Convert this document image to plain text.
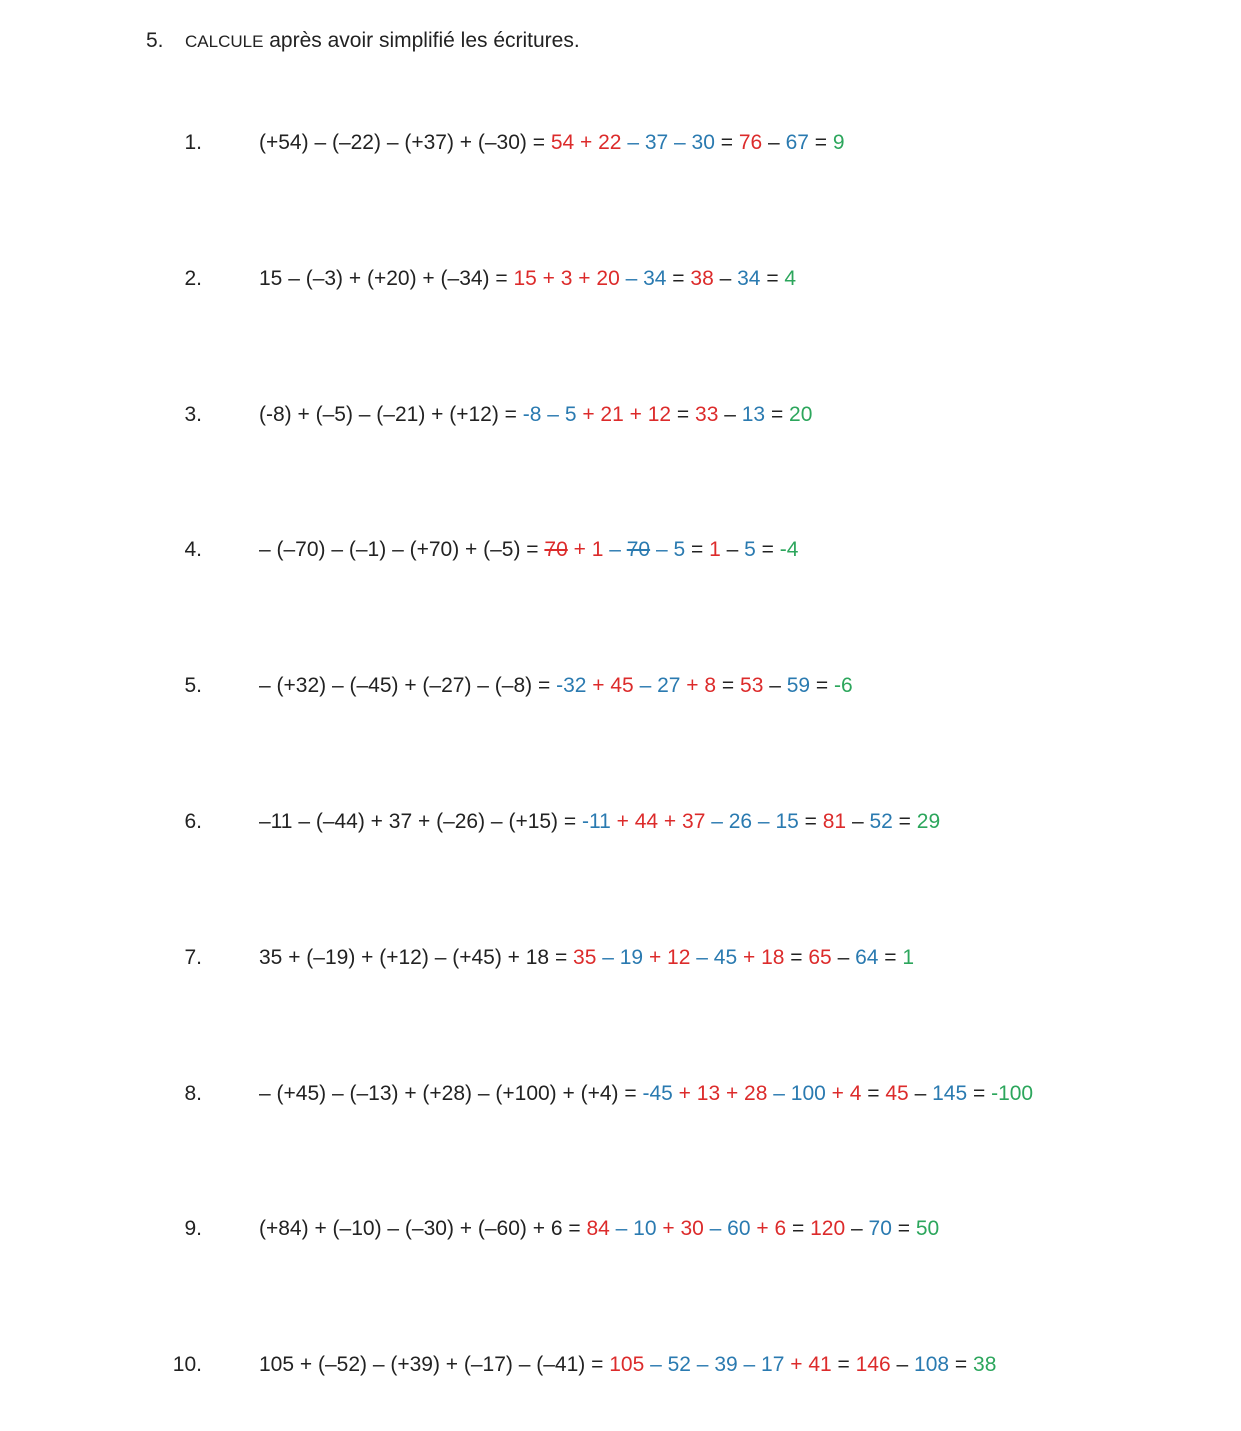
5. CALCULE après avoir simplifié les écritures.
1.	(+54) – (–22) – (+37) + (–30) = 54 + 22 – 37 – 30 = 76 – 67 = 9
2.	15 – (–3) + (+20) + (–34) = 15 + 3 + 20 – 34 = 38 – 34 = 4
3.	(-8) + (–5) – (–21) + (+12) = -8 – 5 + 21 + 12 = 33 – 13 = 20
4.	– (–70) – (–1) – (+70) + (–5) = 70 + 1 – 70 – 5 = 1 – 5 = -4
5.	– (+32) – (–45) + (–27) – (–8) = -32 + 45 – 27 + 8 = 53 – 59 = -6
6.	–11 – (–44) + 37 + (–26) – (+15) = -11 + 44 + 37 – 26 – 15 = 81 – 52 = 29
7.	35 + (–19) + (+12) – (+45) + 18 = 35 – 19 + 12 – 45 + 18 = 65 – 64 = 1
8.	– (+45) – (–13) + (+28) – (+100) + (+4) = -45 + 13 + 28 – 100 + 4 = 45 – 145 = -100
9.	(+84) + (–10) – (–30) + (–60) + 6 = 84 – 10 + 30 – 60 + 6 = 120 – 70 = 50
10.	105 + (–52) – (+39) + (–17) – (–41) = 105 – 52 – 39 – 17 + 41 = 146 – 108 = 38
